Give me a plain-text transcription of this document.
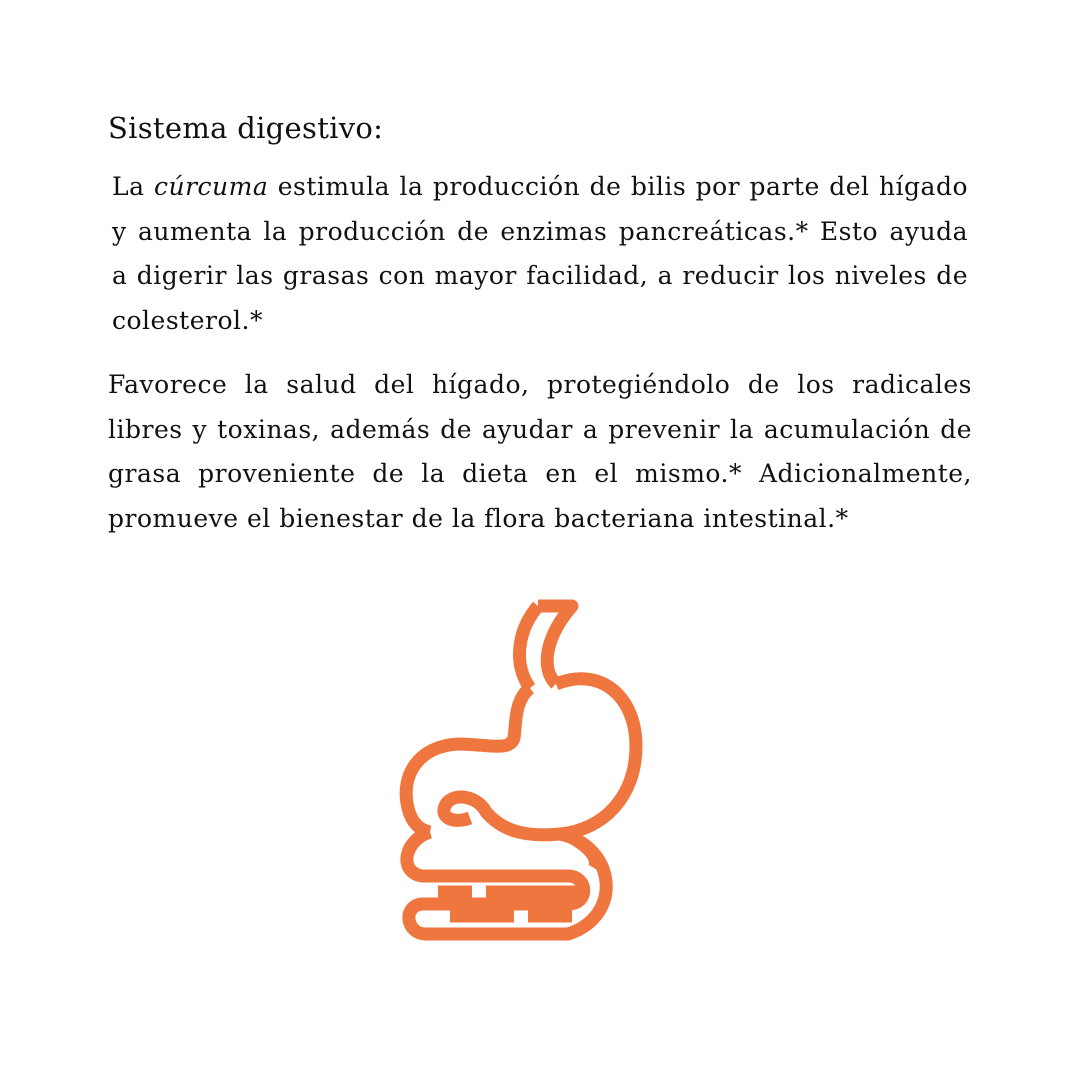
Sistema digestivo:

La cúrcuma estimula la producción de bilis por parte del hígado y aumenta la producción de enzimas pancreáticas.* Esto ayuda a digerir las grasas con mayor facilidad, a reducir los niveles de colesterol.*

Favorece la salud del hígado, protegiéndolo de los radicales libres y toxinas, además de ayudar a prevenir la acumulación de grasa proveniente de la dieta en el mismo.* Adicionalmente, promueve el bienestar de la flora bacteriana intestinal.*
